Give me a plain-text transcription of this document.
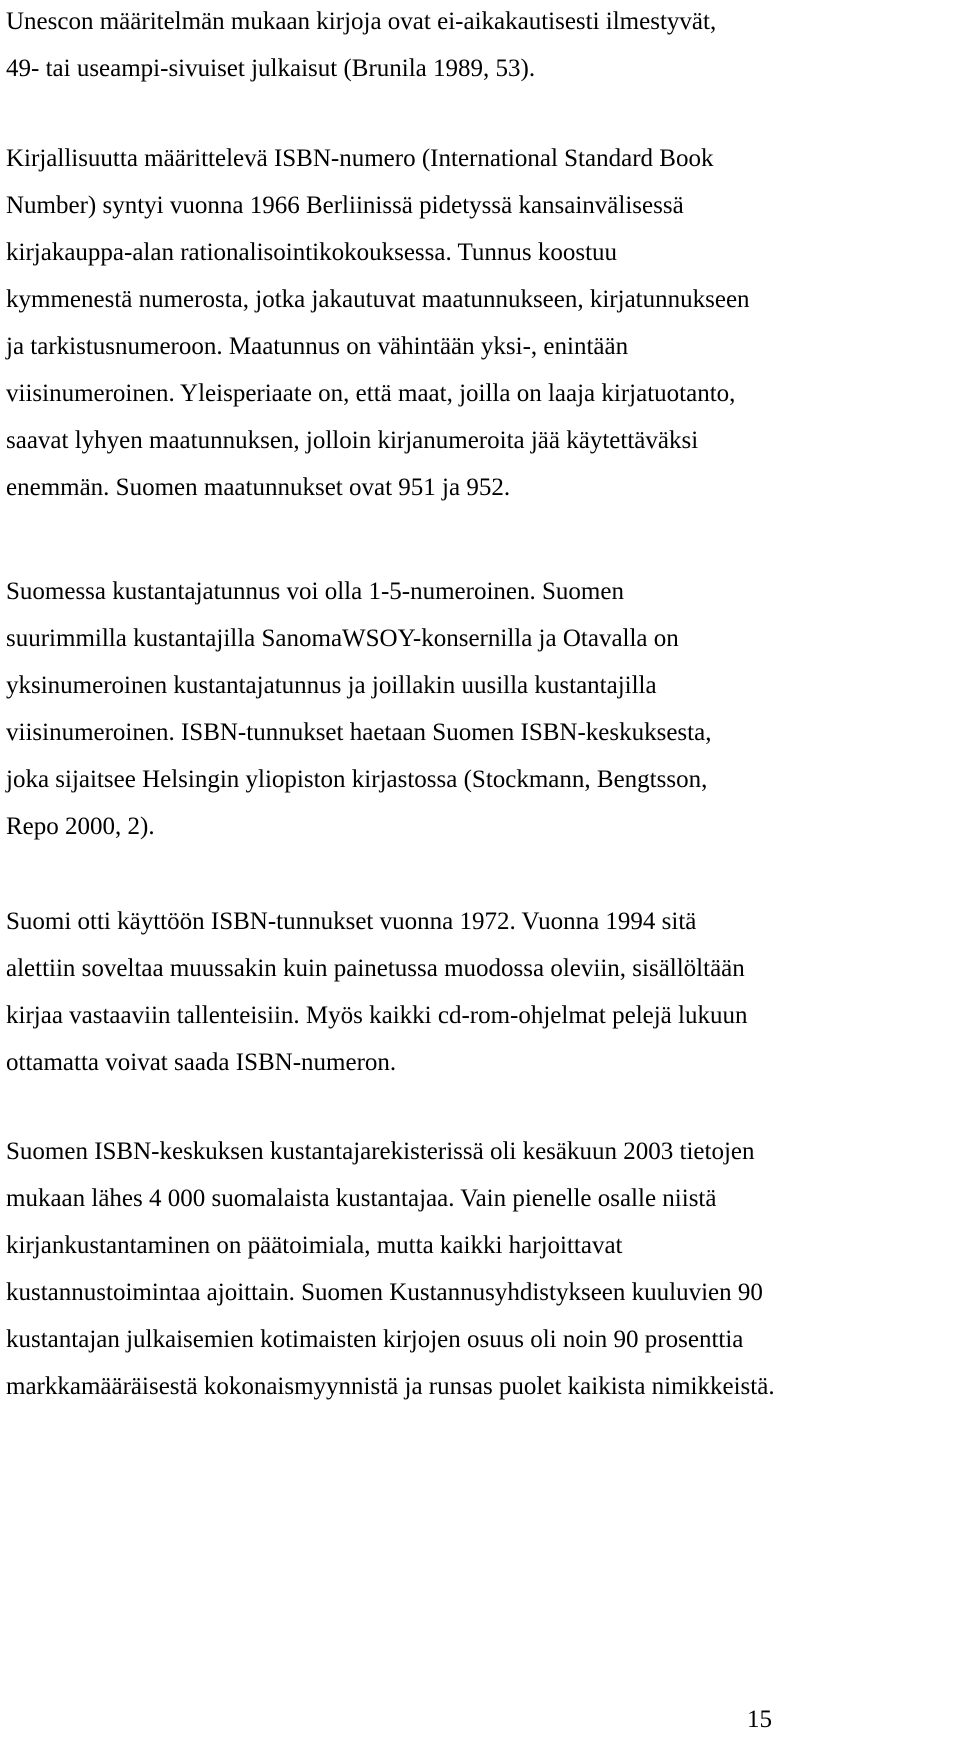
Unescon määritelmän mukaan kirjoja ovat ei-aikakautisesti ilmestyvät,
49- tai useampi-sivuiset julkaisut (Brunila 1989, 53).

Kirjallisuutta määrittelevä ISBN-numero (International Standard Book
Number) syntyi vuonna 1966 Berliinissä pidetyssä kansainvälisessä
kirjakauppa-alan rationalisointikokouksessa. Tunnus koostuu
kymmenestä numerosta, jotka jakautuvat maatunnukseen, kirjatunnukseen
ja tarkistusnumeroon. Maatunnus on vähintään yksi-, enintään
viisinumeroinen. Yleisperiaate on, että maat, joilla on laaja kirjatuotanto,
saavat lyhyen maatunnuksen, jolloin kirjanumeroita jää käytettäväksi
enemmän. Suomen maatunnukset ovat 951 ja 952.

Suomessa kustantajatunnus voi olla 1-5-numeroinen. Suomen
suurimmilla kustantajilla SanomaWSOY-konsernilla ja Otavalla on
yksinumeroinen kustantajatunnus ja joillakin uusilla kustantajilla
viisinumeroinen. ISBN-tunnukset haetaan Suomen ISBN-keskuksesta,
joka sijaitsee Helsingin yliopiston kirjastossa (Stockmann, Bengtsson,
Repo 2000, 2).

Suomi otti käyttöön ISBN-tunnukset vuonna 1972. Vuonna 1994 sitä
alettiin soveltaa muussakin kuin painetussa muodossa oleviin, sisällöltään
kirjaa vastaaviin tallenteisiin. Myös kaikki cd-rom-ohjelmat pelejä lukuun
ottamatta voivat saada ISBN-numeron.

Suomen ISBN-keskuksen kustantajarekisterissä oli kesäkuun 2003 tietojen
mukaan lähes 4 000 suomalaista kustantajaa. Vain pienelle osalle niistä
kirjankustantaminen on päätoimiala, mutta kaikki harjoittavat
kustannustoimintaa ajoittain. Suomen Kustannusyhdistykseen kuuluvien 90
kustantajan julkaisemien kotimaisten kirjojen osuus oli noin 90 prosenttia
markkamääräisestä kokonaismyynnistä ja runsas puolet kaikista nimikkeistä.

15
